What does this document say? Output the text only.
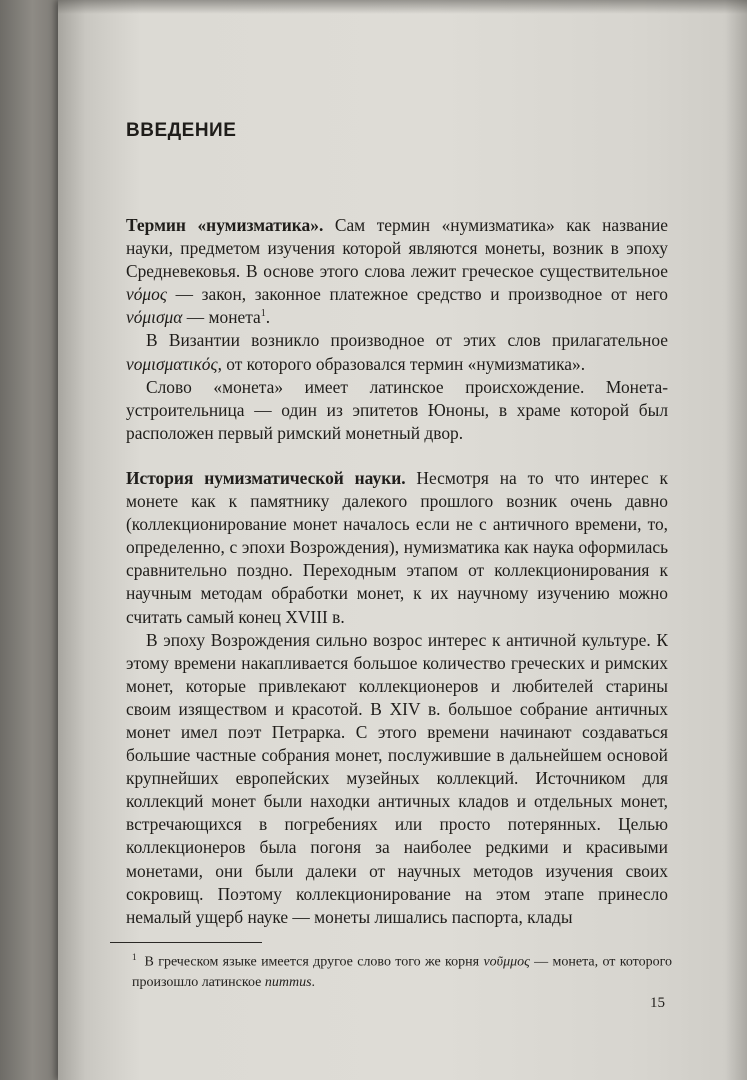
ВВЕДЕНИЕ

Термин «нумизматика». Сам термин «нумизматика» как название науки, предметом изучения которой являются монеты, возник в эпоху Средневековья. В основе этого слова лежит греческое существительное νόμος — закон, законное платежное средство и производное от него νόμισμα — монета$^1$.

В Византии возникло производное от этих слов прилагательное νομισματικός, от которого образовался термин «нумизматика».

Слово «монета» имеет латинское происхождение. Монета-устроительница — один из эпитетов Юноны, в храме которой был расположен первый римский монетный двор.

История нумизматической науки. Несмотря на то что интерес к монете как к памятнику далекого прошлого возник очень давно (коллекционирование монет началось если не с античного времени, то, определенно, с эпохи Возрождения), нумизматика как наука оформилась сравнительно поздно. Переходным этапом от коллекционирования к научным методам обработки монет, к их научному изучению можно считать самый конец XVIII в.

В эпоху Возрождения сильно возрос интерес к античной культуре. К этому времени накапливается большое количество греческих и римских монет, которые привлекают коллекционеров и любителей старины своим изяществом и красотой. В XIV в. большое собрание античных монет имел поэт Петрарка. С этого времени начинают создаваться большие частные собрания монет, послужившие в дальнейшем основой крупнейших европейских музейных коллекций. Источником для коллекций монет были находки античных кладов и отдельных монет, встречающихся в погребениях или просто потерянных. Целью коллекционеров была погоня за наиболее редкими и красивыми монетами, они были далеки от научных методов изучения своих сокровищ. Поэтому коллекционирование на этом этапе принесло немалый ущерб науке — монеты лишались паспорта, клады

$^1$ В греческом языке имеется другое слово того же корня νοῦμμος — монета, от которого произошло латинское nummus.
15
